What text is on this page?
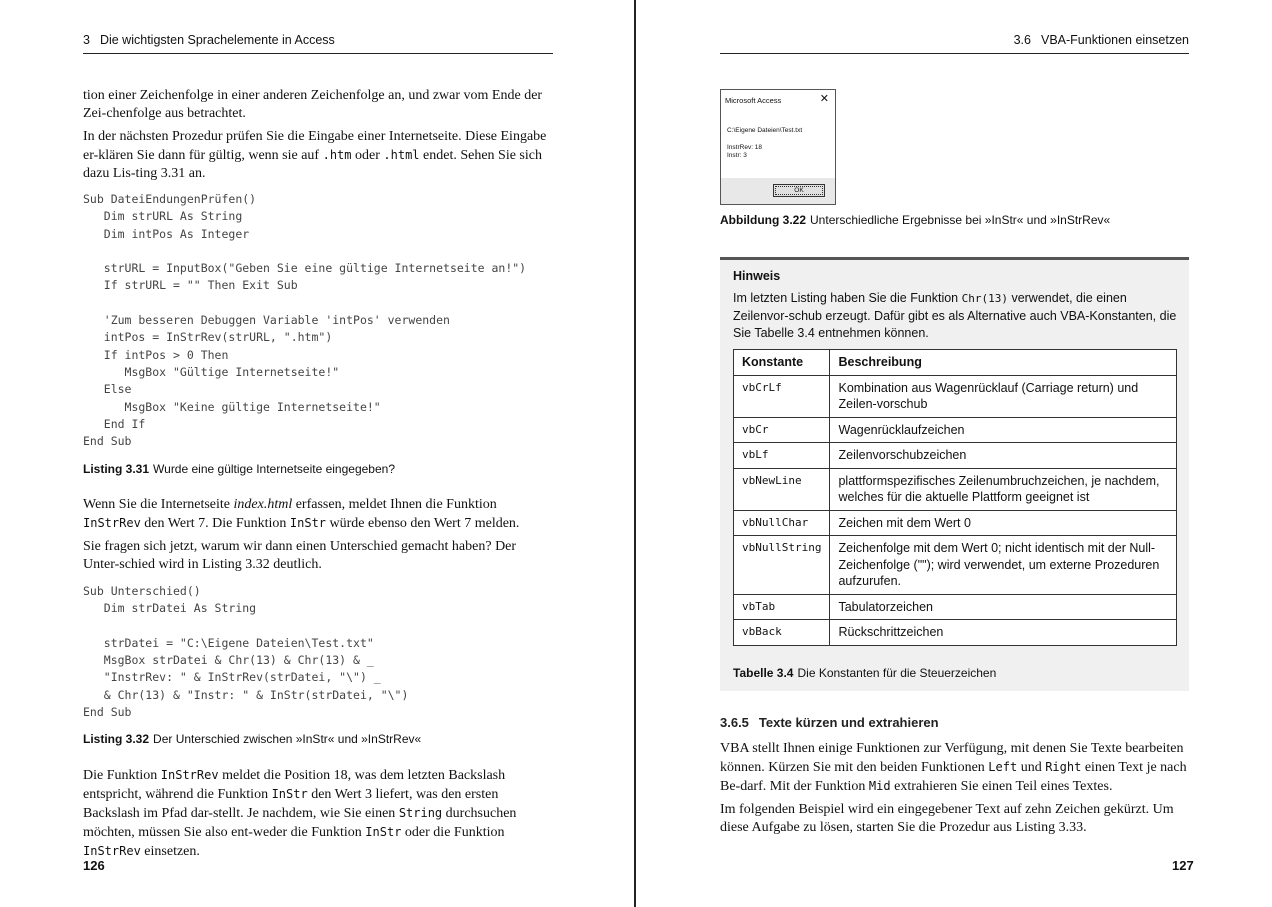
3 Die wichtigsten Sprachelemente in Access

tion einer Zeichenfolge in einer anderen Zeichenfolge an, und zwar vom Ende der Zei-chenfolge aus betrachtet.

In der nächsten Prozedur prüfen Sie die Eingabe einer Internetseite. Diese Eingabe er-klären Sie dann für gültig, wenn sie auf .htm oder .html endet. Sehen Sie sich dazu Lis-ting 3.31 an.

Sub DateiEndungenPrüfen()
Dim strURL As String
Dim intPos As Integer

strURL = InputBox("Geben Sie eine gültige Internetseite an!")
If strURL = "" Then Exit Sub

'Zum besseren Debuggen Variable 'intPos' verwenden
intPos = InStrRev(strURL, ".htm")
If intPos > 0 Then
MsgBox "Gültige Internetseite!"
Else
MsgBox "Keine gültige Internetseite!"
End If
End Sub
Listing 3.31 Wurde eine gültige Internetseite eingegeben?

Wenn Sie die Internetseite index.html erfassen, meldet Ihnen die Funktion InStrRev den Wert 7. Die Funktion InStr würde ebenso den Wert 7 melden.

Sie fragen sich jetzt, warum wir dann einen Unterschied gemacht haben? Der Unter-schied wird in Listing 3.32 deutlich.

Sub Unterschied()
Dim strDatei As String

strDatei = "C:\Eigene Dateien\Test.txt"
MsgBox strDatei & Chr(13) & Chr(13) & _
"InstrRev: " & InStrRev(strDatei, "\") _
& Chr(13) & "Instr: " & InStr(strDatei, "\")
End Sub
Listing 3.32 Der Unterschied zwischen »InStr« und »InStrRev«

Die Funktion InStrRev meldet die Position 18, was dem letzten Backslash entspricht, während die Funktion InStr den Wert 3 liefert, was den ersten Backslash im Pfad dar-stellt. Je nachdem, wie Sie einen String durchsuchen möchten, müssen Sie also ent-weder die Funktion InStr oder die Funktion InStrRev einsetzen.

126
3.6 VBA-Funktionen einsetzen
Microsoft Access	✕
C:\Eigene Dateien\Test.txt
InstrRev: 18
Instr: 3
OK
Abbildung 3.22 Unterschiedliche Ergebnisse bei »InStr« und »InStrRev«
Hinweis
Im letzten Listing haben Sie die Funktion Chr(13) verwendet, die einen Zeilenvor-schub erzeugt. Dafür gibt es als Alternative auch VBA-Konstanten, die Sie Tabelle 3.4 entnehmen können.
Konstante	Beschreibung
vbCrLf	Kombination aus Wagenrücklauf (Carriage return) und Zeilen-vorschub
vbCr	Wagenrücklaufzeichen
vbLf	Zeilenvorschubzeichen
vbNewLine	plattformspezifisches Zeilenumbruchzeichen, je nachdem, welches für die aktuelle Plattform geeignet ist
vbNullChar	Zeichen mit dem Wert 0
vbNullString	Zeichenfolge mit dem Wert 0; nicht identisch mit der Null-Zeichenfolge (""); wird verwendet, um externe Prozeduren aufzurufen.
vbTab	Tabulatorzeichen
vbBack	Rückschrittzeichen
Tabelle 3.4 Die Konstanten für die Steuerzeichen
3.6.5 Texte kürzen und extrahieren

VBA stellt Ihnen einige Funktionen zur Verfügung, mit denen Sie Texte bearbeiten können. Kürzen Sie mit den beiden Funktionen Left und Right einen Text je nach Be-darf. Mit der Funktion Mid extrahieren Sie einen Teil eines Textes.

Im folgenden Beispiel wird ein eingegebener Text auf zehn Zeichen gekürzt. Um diese Aufgabe zu lösen, starten Sie die Prozedur aus Listing 3.33.

127
